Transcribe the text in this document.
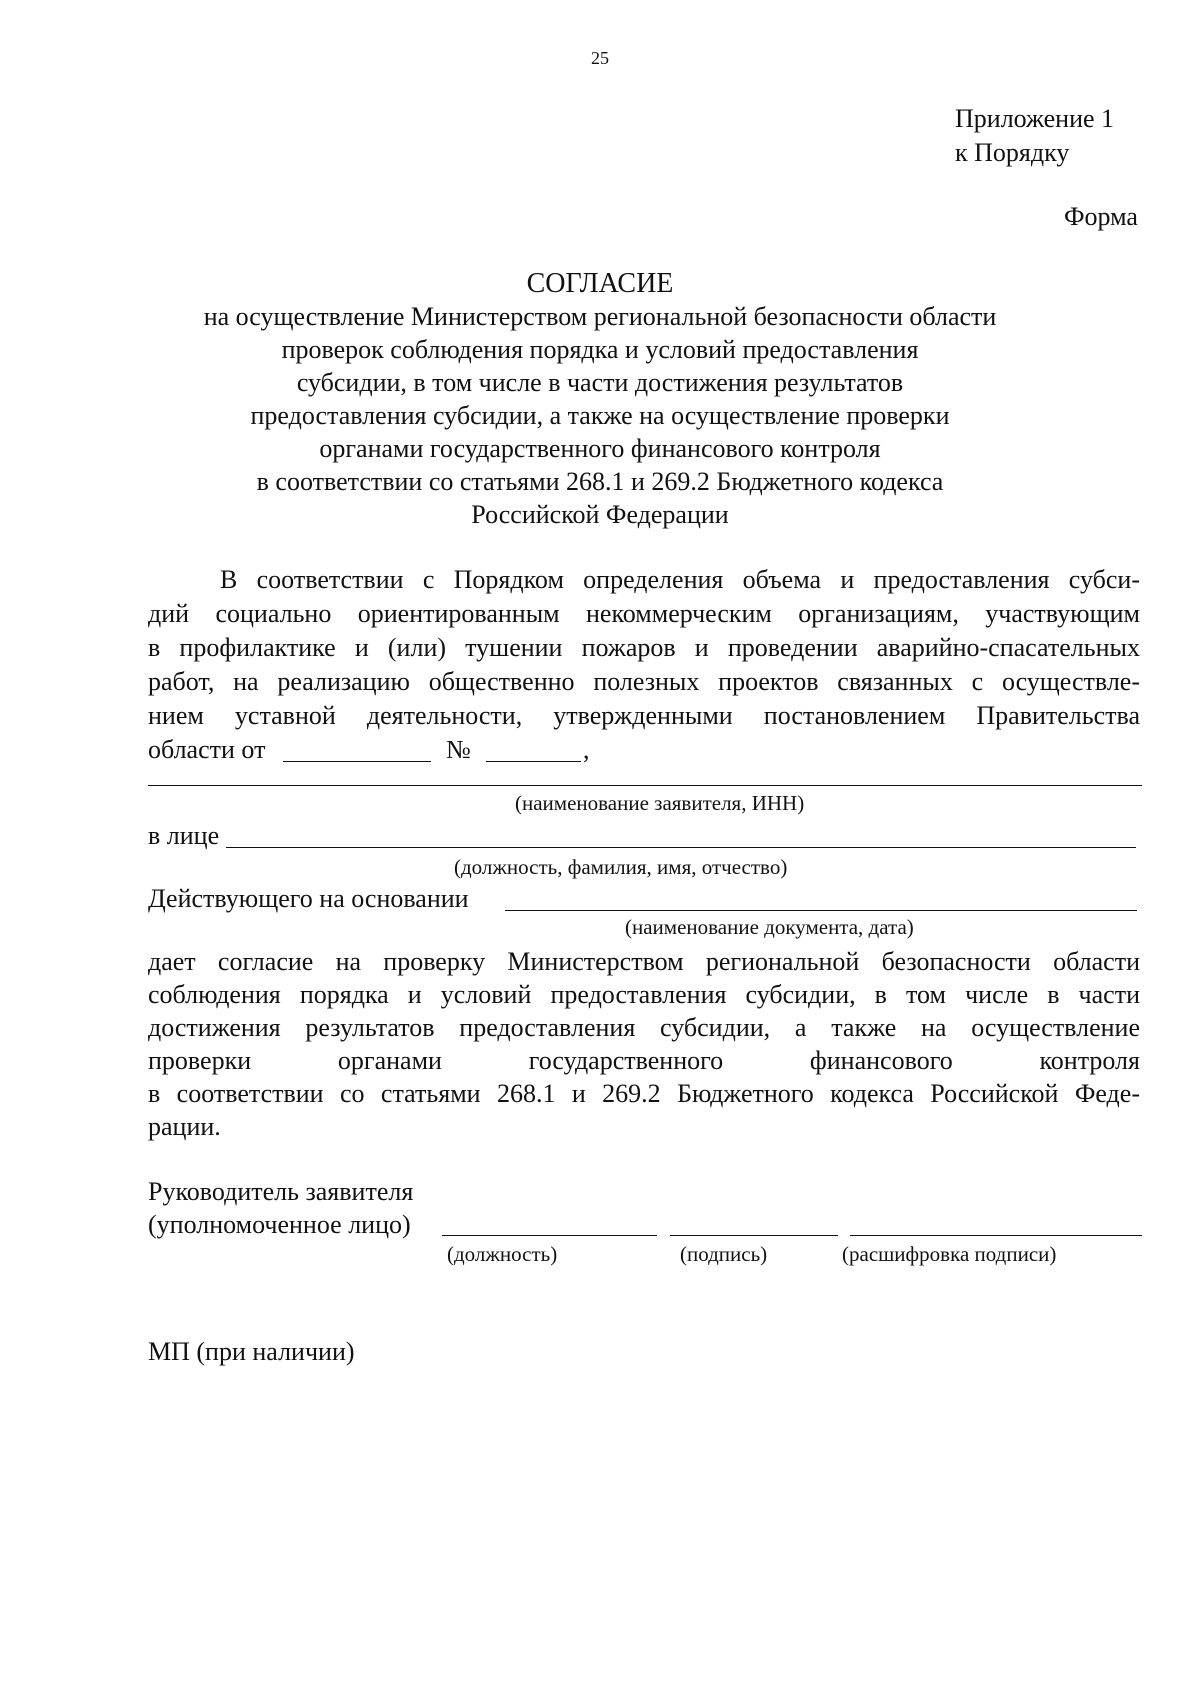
25
Приложение 1
к Порядку
Форма
СОГЛАСИЕ
на осуществление Министерством региональной безопасности области
проверок соблюдения порядка и условий предоставления
субсидии, в том числе в части достижения результатов
предоставления субсидии, а также на осуществление проверки
органами государственного финансового контроля
в соответствии со статьями 268.1 и 269.2 Бюджетного кодекса
Российской Федерации
В соответствии с Порядком определения объема и предоставления субси-
дий социально ориентированным некоммерческим организациям, участвующим
в профилактике и (или) тушении пожаров и проведении аварийно-спасательных
работ, на реализацию общественно полезных проектов связанных с осуществле-
нием уставной деятельности, утвержденными постановлением Правительства
области от	№	,
(наименование заявителя, ИНН)
в лице
(должность, фамилия, имя, отчество)
Действующего на основании
(наименование документа, дата)
дает согласие на проверку Министерством региональной безопасности области
соблюдения порядка и условий предоставления субсидии, в том числе в части
достижения результатов предоставления субсидии, а также на осуществление
проверки органами государственного финансового контроля
в соответствии со статьями 268.1 и 269.2 Бюджетного кодекса Российской Феде-
рации.
Руководитель заявителя
(уполномоченное лицо)
(должность)	(подпись)	(расшифровка подписи)
МП (при наличии)
